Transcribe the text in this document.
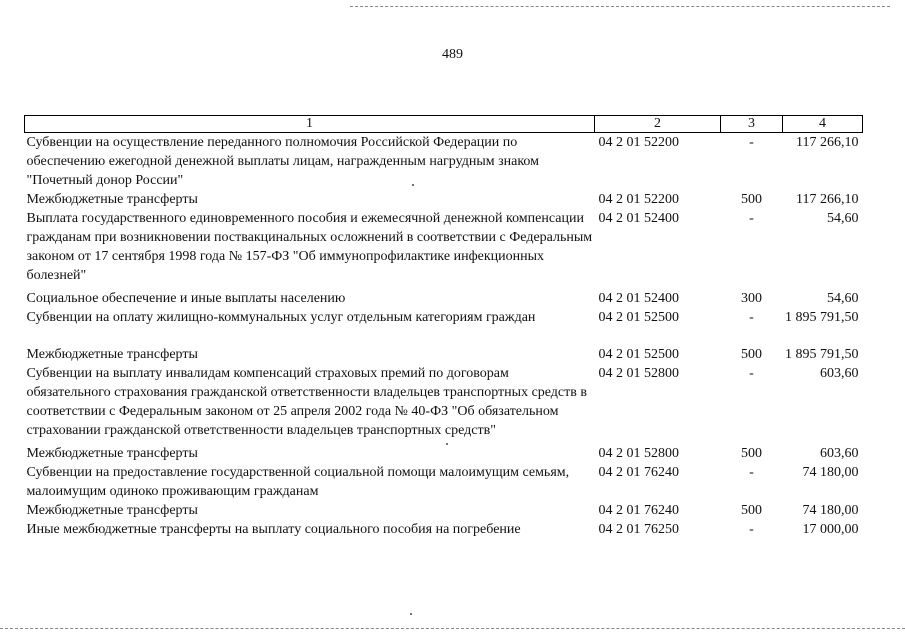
489
1	2	3	4
Субвенции на осуществление переданного полномочия Российской Федерации по обеспечению ежегодной денежной выплаты лицам, награжденным нагрудным знаком "Почетный донор России"	04 2 01 52200	-	117 266,10
Межбюджетные трансферты	04 2 01 52200	500	117 266,10
Выплата государственного единовременного пособия и ежемесячной денежной компенсации гражданам при возникновении поствакцинальных осложнений в соответствии с Федеральным законом от 17 сентября 1998 года № 157-ФЗ "Об иммунопрофилактике инфекционных болезней"	04 2 01 52400	-	54,60
Социальное обеспечение и иные выплаты населению	04 2 01 52400	300	54,60
Субвенции на оплату жилищно-коммунальных услуг отдельным категориям граждан	04 2 01 52500	-	1 895 791,50
Межбюджетные трансферты	04 2 01 52500	500	1 895 791,50
Субвенции на выплату инвалидам компенсаций страховых премий по договорам обязательного страхования гражданской ответственности владельцев транспортных средств в соответствии с Федеральным законом от 25 апреля 2002 года № 40-ФЗ "Об обязательном страховании гражданской ответственности владельцев транспортных средств"	04 2 01 52800	-	603,60
Межбюджетные трансферты	04 2 01 52800	500	603,60
Субвенции на предоставление государственной социальной помощи малоимущим семьям, малоимущим одиноко проживающим гражданам	04 2 01 76240	-	74 180,00
Межбюджетные трансферты	04 2 01 76240	500	74 180,00
Иные межбюджетные трансферты на выплату социального пособия на погребение	04 2 01 76250	-	17 000,00
